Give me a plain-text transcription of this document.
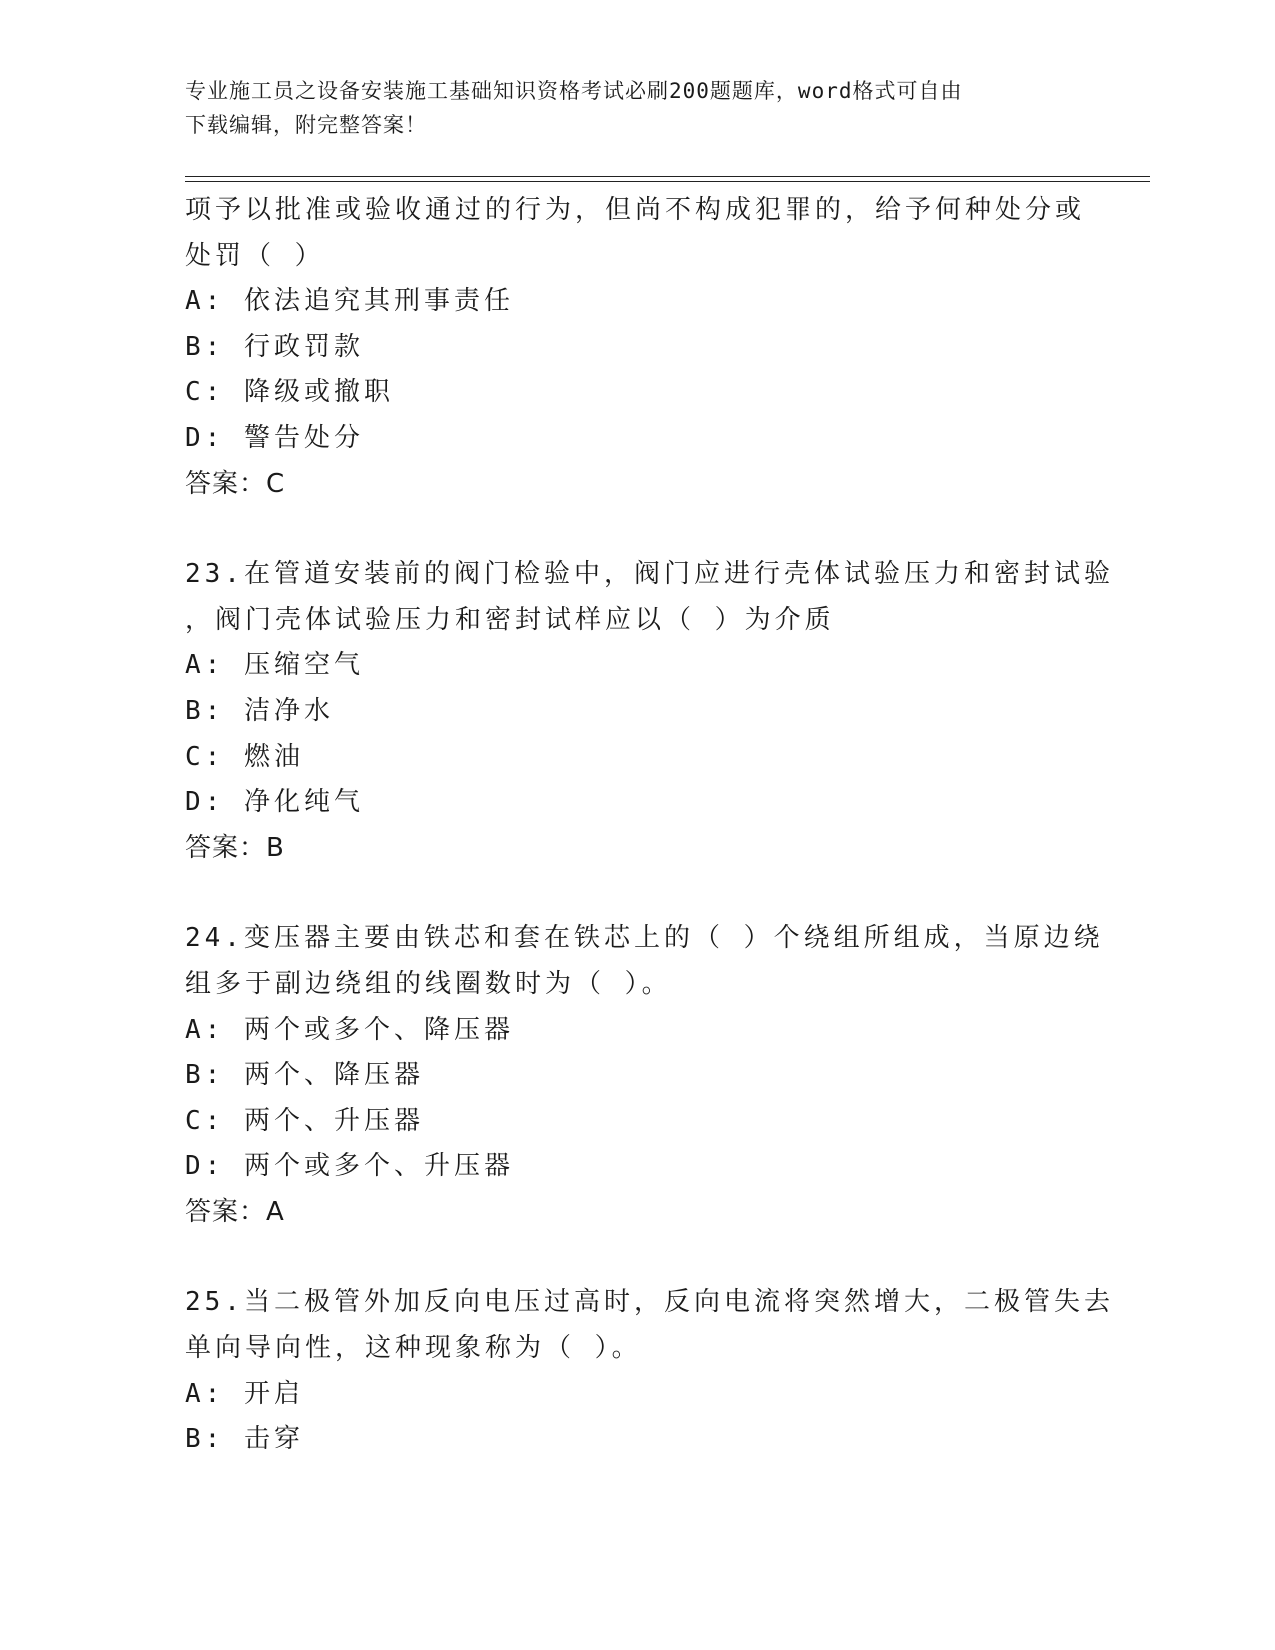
专业施工员之设备安装施工基础知识资格考试必刷200题题库，word格式可自由
下载编辑，附完整答案！
项予以批准或验收通过的行为，但尚不构成犯罪的，给予何种处分或
处罚（ ）
A: 依法追究其刑事责任
B: 行政罚款
C: 降级或撤职
D: 警告处分
答案：C
23.在管道安装前的阀门检验中，阀门应进行壳体试验压力和密封试验
，阀门壳体试验压力和密封试样应以（ ）为介质
A: 压缩空气
B: 洁净水
C: 燃油
D: 净化纯气
答案：B
24.变压器主要由铁芯和套在铁芯上的（ ）个绕组所组成，当原边绕
组多于副边绕组的线圈数时为（ ）。
A: 两个或多个、降压器
B: 两个、降压器
C: 两个、升压器
D: 两个或多个、升压器
答案：A
25.当二极管外加反向电压过高时，反向电流将突然增大，二极管失去
单向导向性，这种现象称为（ ）。
A: 开启
B: 击穿
